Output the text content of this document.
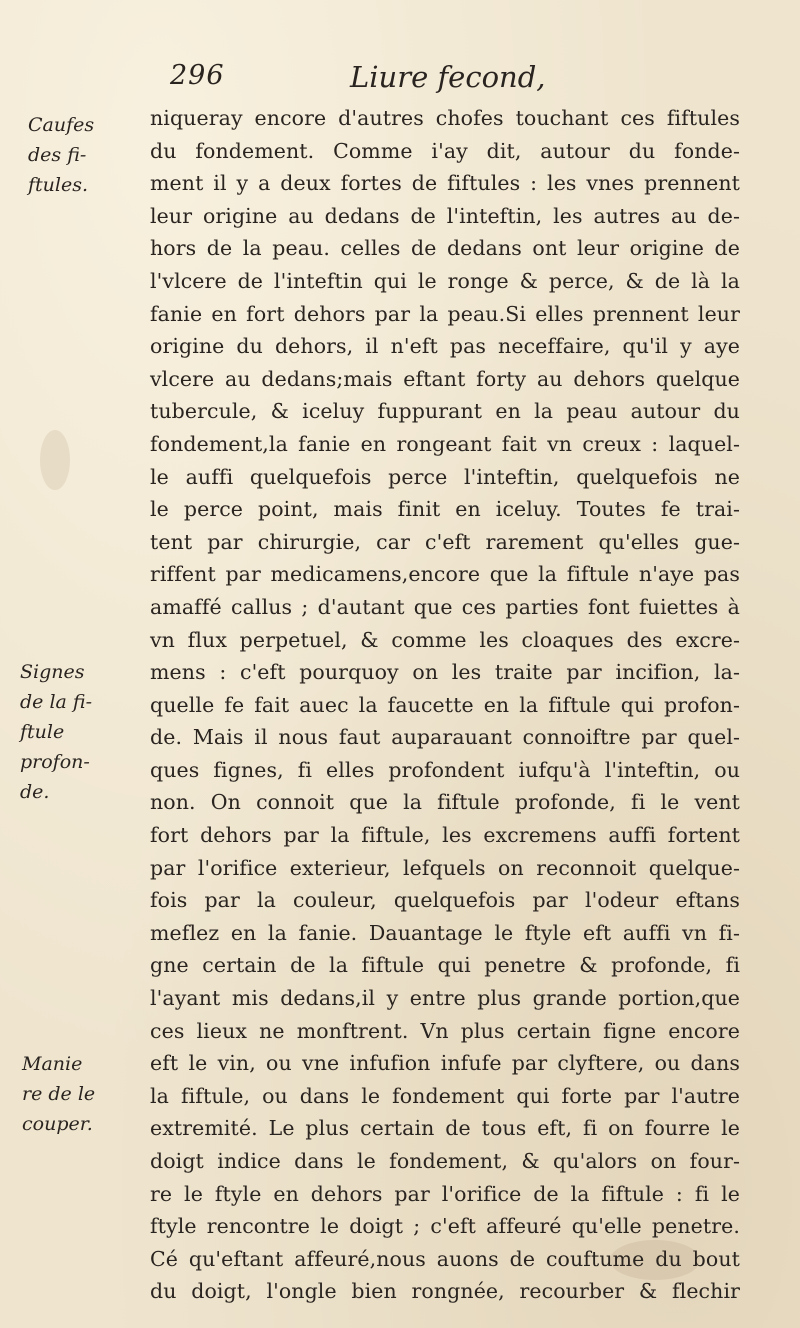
296	Liure fecond,
Caufes
des fi-
ftules.
Signes
de la fi-
ftule
profon-
de.
Manie
re de le
couper.
niqueray encore d'autres chofes touchant ces fiftules
du fondement. Comme i'ay dit, autour du fonde-
ment il y a deux fortes de fiftules : les vnes prennent
leur origine au dedans de l'inteftin, les autres au de-
hors de la peau. celles de dedans ont leur origine de
l'vlcere de l'inteftin qui le ronge & perce, & de là la
fanie en fort dehors par la peau.Si elles prennent leur
origine du dehors, il n'eft pas neceffaire, qu'il y aye
vlcere au dedans;mais eftant forty au dehors quelque
tubercule, & iceluy fuppurant en la peau autour du
fondement,la fanie en rongeant fait vn creux : laquel-
le auffi quelquefois perce l'inteftin, quelquefois ne
le perce point, mais finit en iceluy. Toutes fe trai-
tent par chirurgie, car c'eft rarement qu'elles gue-
riffent par medicamens,encore que la fiftule n'aye pas
amaffé callus ; d'autant que ces parties font fuiettes à
vn flux perpetuel, & comme les cloaques des excre-
mens : c'eft pourquoy on les traite par incifion, la-
quelle fe fait auec la faucette en la fiftule qui profon-
de. Mais il nous faut auparauant connoiftre par quel-
ques fignes, fi elles profondent iufqu'à l'inteftin, ou
non. On connoit que la fiftule profonde, fi le vent
fort dehors par la fiftule, les excremens auffi fortent
par l'orifice exterieur, lefquels on reconnoit quelque-
fois par la couleur, quelquefois par l'odeur eftans
meflez en la fanie. Dauantage le ftyle eft auffi vn fi-
gne certain de la fiftule qui penetre & profonde, fi
l'ayant mis dedans,il y entre plus grande portion,que
ces lieux ne monftrent. Vn plus certain figne encore
eft le vin, ou vne infufion infufe par clyftere, ou dans
la fiftule, ou dans le fondement qui forte par l'autre
extremité. Le plus certain de tous eft, fi on fourre le
doigt indice dans le fondement, & qu'alors on four-
re le ftyle en dehors par l'orifice de la fiftule : fi le
ftyle rencontre le doigt ; c'eft affeuré qu'elle penetre.
Cé qu'eftant affeuré,nous auons de couftume du bout
du doigt, l'ongle bien rongnée, recourber & flechir
